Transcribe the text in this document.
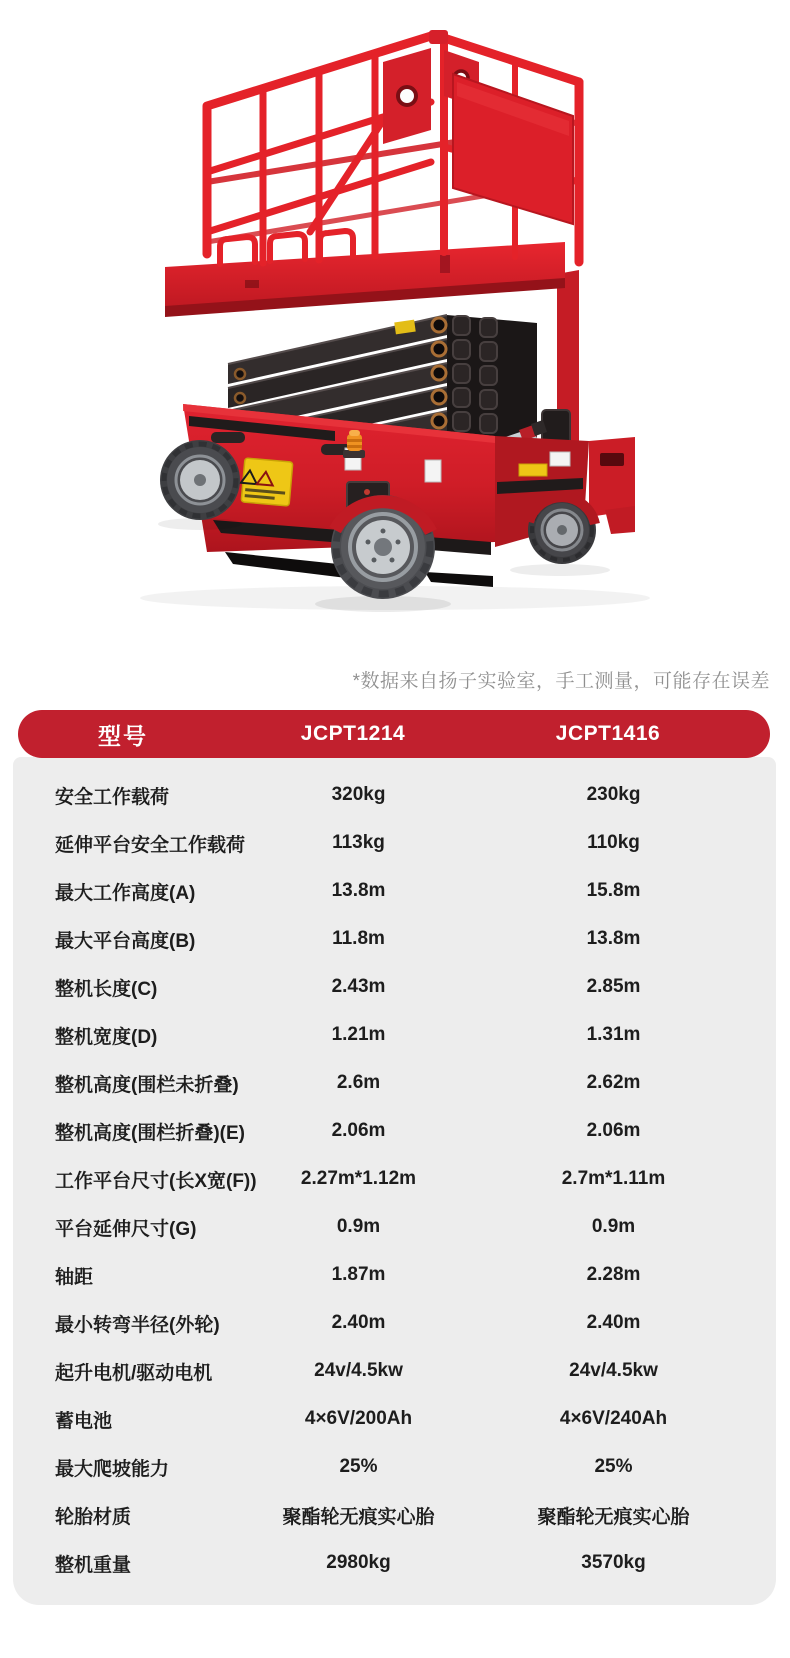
*数据来自扬子实验室，手工测量，可能存在误差
型号	JCPT1214	JCPT1416
安全工作载荷	320kg	230kg
延伸平台安全工作载荷	113kg	110kg
最大工作高度(A)	13.8m	15.8m
最大平台高度(B)	11.8m	13.8m
整机长度(C)	2.43m	2.85m
整机宽度(D)	1.21m	1.31m
整机高度(围栏未折叠)	2.6m	2.62m
整机高度(围栏折叠)(E)	2.06m	2.06m
工作平台尺寸(长X宽(F))	2.27m*1.12m	2.7m*1.11m
平台延伸尺寸(G)	0.9m	0.9m
轴距	1.87m	2.28m
最小转弯半径(外轮)	2.40m	2.40m
起升电机/驱动电机	24v/4.5kw	24v/4.5kw
蓄电池	4×6V/200Ah	4×6V/240Ah
最大爬坡能力	25%	25%
轮胎材质	聚酯轮无痕实心胎	聚酯轮无痕实心胎
整机重量	2980kg	3570kg
